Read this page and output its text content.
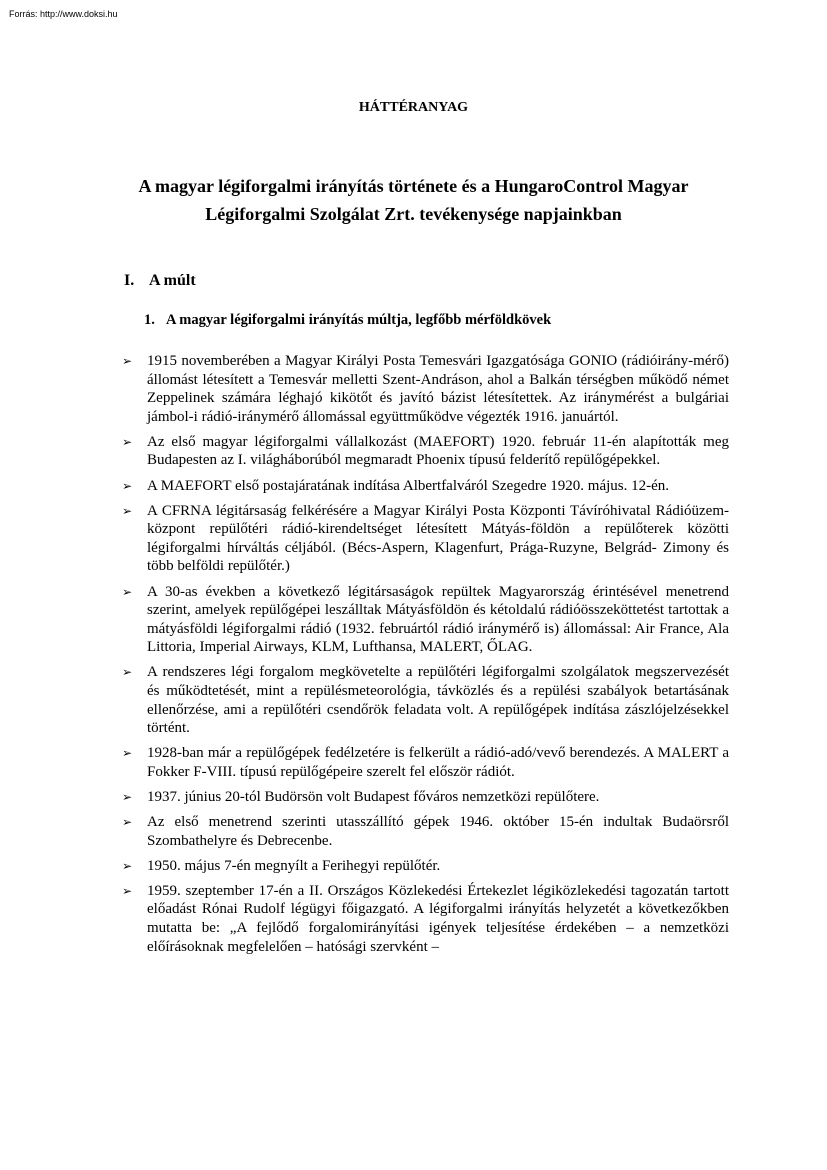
Forrás: http://www.doksi.hu
HÁTTÉRANYAG
A magyar légiforgalmi irányítás története és a HungaroControl Magyar Légiforgalmi Szolgálat Zrt. tevékenysége napjainkban
I. A múlt
1. A magyar légiforgalmi irányítás múltja, legfőbb mérföldkövek
➢ 1915 novemberében a Magyar Királyi Posta Temesvári Igazgatósága GONIO (rádióirány-mérő) állomást létesített a Temesvár melletti Szent-Andráson, ahol a Balkán térségben működő német Zeppelinek számára léghajó kikötőt és javító bázist létesítettek. Az iránymérést a bulgáriai jámbol-i rádió-iránymérő állomással együttműködve végezték 1916. januártól.
➢ Az első magyar légiforgalmi vállalkozást (MAEFORT) 1920. február 11-én alapították meg Budapesten az I. világháborúból megmaradt Phoenix típusú felderítő repülőgépekkel.
➢ A MAEFORT első postajáratának indítása Albertfalváról Szegedre 1920. május. 12-én.
➢ A CFRNA légitársaság felkérésére a Magyar Királyi Posta Központi Távíróhivatal Rádióüzem-központ repülőtéri rádió-kirendeltséget létesített Mátyás-földön a repülőterek közötti légiforgalmi hírváltás céljából. (Bécs-Aspern, Klagenfurt, Prága-Ruzyne, Belgrád- Zimony és több belföldi repülőtér.)
➢ A 30-as években a következő légitársaságok repültek Magyarország érintésével menetrend szerint, amelyek repülőgépei leszálltak Mátyásföldön és kétoldalú rádióösszeköttetést tartottak a mátyásföldi légiforgalmi rádió (1932. februártól rádió iránymérő is) állomással: Air France, Ala Littoria, Imperial Airways, KLM, Lufthansa, MALERT, ŐLAG.
➢ A rendszeres légi forgalom megkövetelte a repülőtéri légiforgalmi szolgálatok megszervezését és működtetését, mint a repülésmeteorológia, távközlés és a repülési szabályok betartásának ellenőrzése, ami a repülőtéri csendőrök feladata volt. A repülőgépek indítása zászlójelzésekkel történt.
➢ 1928-ban már a repülőgépek fedélzetére is felkerült a rádió-adó/vevő berendezés. A MALERT a Fokker F-VIII. típusú repülőgépeire szerelt fel először rádiót.
➢ 1937. június 20-tól Budörsön volt Budapest főváros nemzetközi repülőtere.
➢ Az első menetrend szerinti utasszállító gépek 1946. október 15-én indultak Budaörsről Szombathelyre és Debrecenbe.
➢ 1950. május 7-én megnyílt a Ferihegyi repülőtér.
➢ 1959. szeptember 17-én a II. Országos Közlekedési Értekezlet légiközlekedési tagozatán tartott előadást Rónai Rudolf légügyi főigazgató. A légiforgalmi irányítás helyzetét a következőkben mutatta be: „A fejlődő forgalomirányítási igények teljesítése érdekében – a nemzetközi előírásoknak megfelelően – hatósági szervként –
